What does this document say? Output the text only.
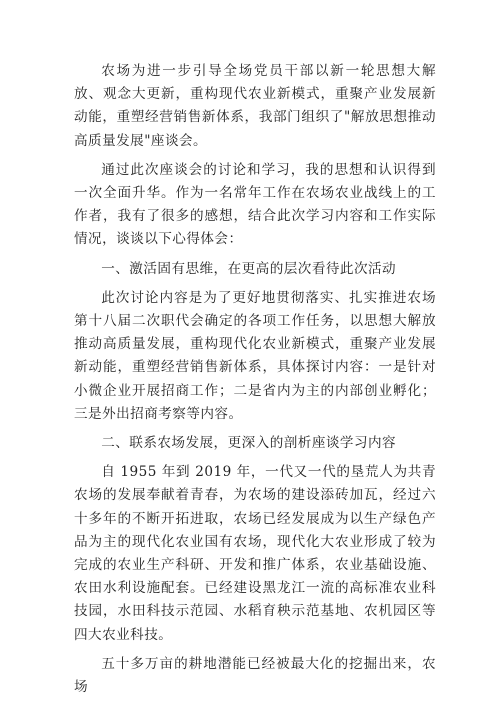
农场为进一步引导全场党员干部以新一轮思想大解放、观念大更新，重构现代农业新模式，重聚产业发展新动能，重塑经营销售新体系，我部门组织了"解放思想推动高质量发展"座谈会。

通过此次座谈会的讨论和学习，我的思想和认识得到一次全面升华。作为一名常年工作在农场农业战线上的工作者，我有了很多的感想，结合此次学习内容和工作实际情况，谈谈以下心得体会：

一、激活固有思维，在更高的层次看待此次活动

此次讨论内容是为了更好地贯彻落实、扎实推进农场第十八届二次职代会确定的各项工作任务，以思想大解放推动高质量发展，重构现代化农业新模式，重聚产业发展新动能，重塑经营销售新体系，具体探讨内容：一是针对小微企业开展招商工作；二是省内为主的内部创业孵化；三是外出招商考察等内容。

二、联系农场发展，更深入的剖析座谈学习内容

自 1955 年到 2019 年，一代又一代的垦荒人为共青农场的发展奉献着青春，为农场的建设添砖加瓦，经过六十多年的不断开拓进取，农场已经发展成为以生产绿色产品为主的现代化农业国有农场，现代化大农业形成了较为完成的农业生产科研、开发和推广体系，农业基础设施、农田水利设施配套。已经建设黑龙江一流的高标准农业科技园，水田科技示范园、水稻育秧示范基地、农机园区等四大农业科技。

五十多万亩的耕地潜能已经被最大化的挖掘出来，农场
